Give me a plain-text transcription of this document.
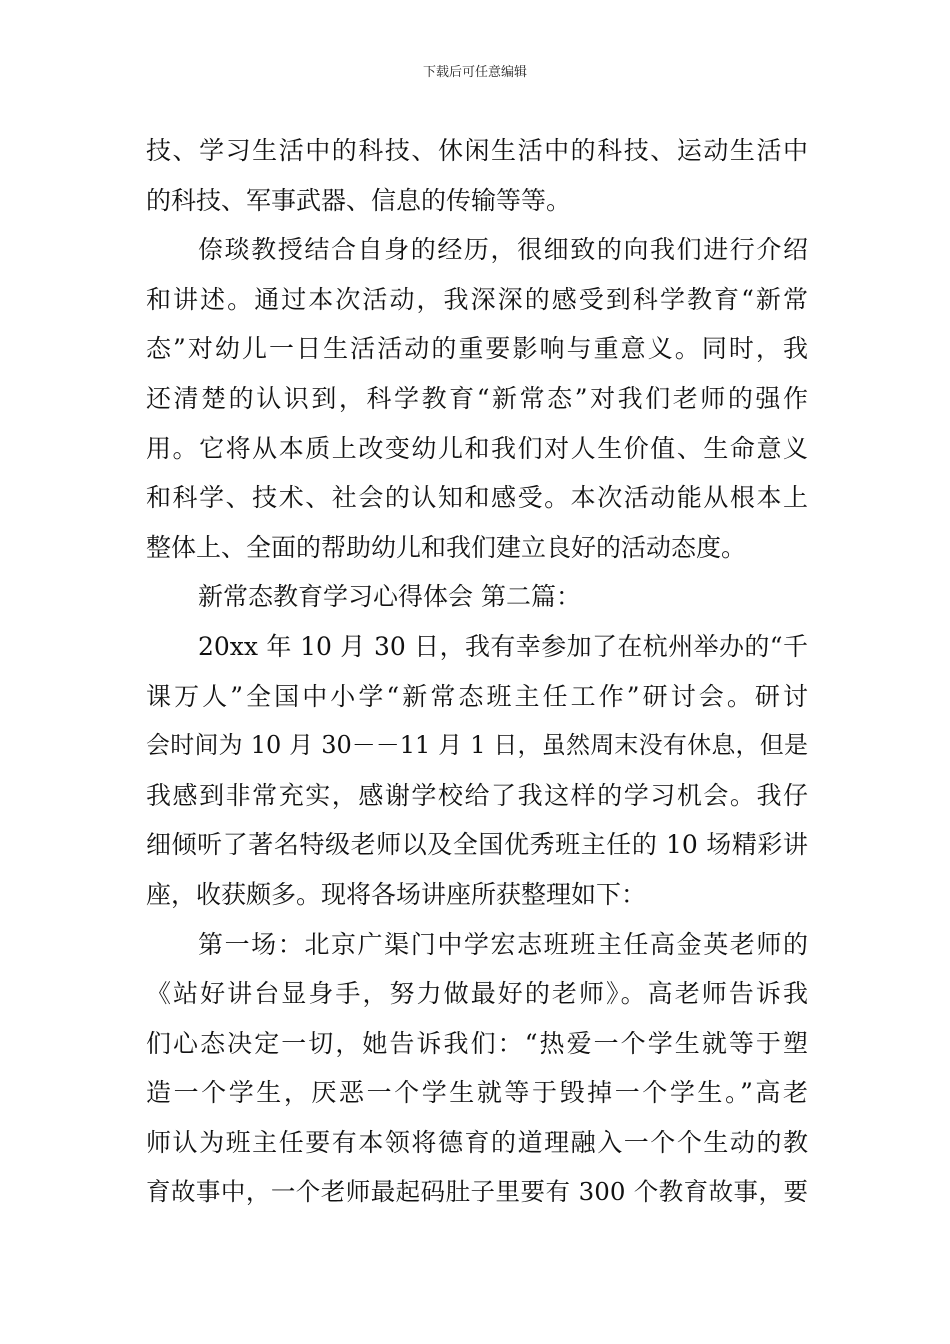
下载后可任意编辑
技、学习生活中的科技、休闲生活中的科技、运动生活中
的科技、军事武器、信息的传输等等。
倷琰教授结合自身的经历，很细致的向我们进行介绍
和讲述。通过本次活动，我深深的感受到科学教育“新常
态”对幼儿一日生活活动的重要影响与重意义。同时，我
还清楚的认识到，科学教育“新常态”对我们老师的强作
用。它将从本质上改变幼儿和我们对人生价值、生命意义
和科学、技术、社会的认知和感受。本次活动能从根本上
整体上、全面的帮助幼儿和我们建立良好的活动态度。
新常态教育学习心得体会 第二篇：
20xx 年 10 月 30 日，我有幸参加了在杭州举办的“千
课万人”全国中小学“新常态班主任工作”研讨会。研讨
会时间为 10 月 30－－11 月 1 日，虽然周末没有休息，但是
我感到非常充实，感谢学校给了我这样的学习机会。我仔
细倾听了著名特级老师以及全国优秀班主任的 10 场精彩讲
座，收获颇多。现将各场讲座所获整理如下：
第一场：北京广渠门中学宏志班班主任高金英老师的
《站好讲台显身手，努力做最好的老师》。高老师告诉我
们心态决定一切，她告诉我们：“热爱一个学生就等于塑
造一个学生，厌恶一个学生就等于毁掉一个学生。”高老
师认为班主任要有本领将德育的道理融入一个个生动的教
育故事中，一个老师最起码肚子里要有 300 个教育故事，要
